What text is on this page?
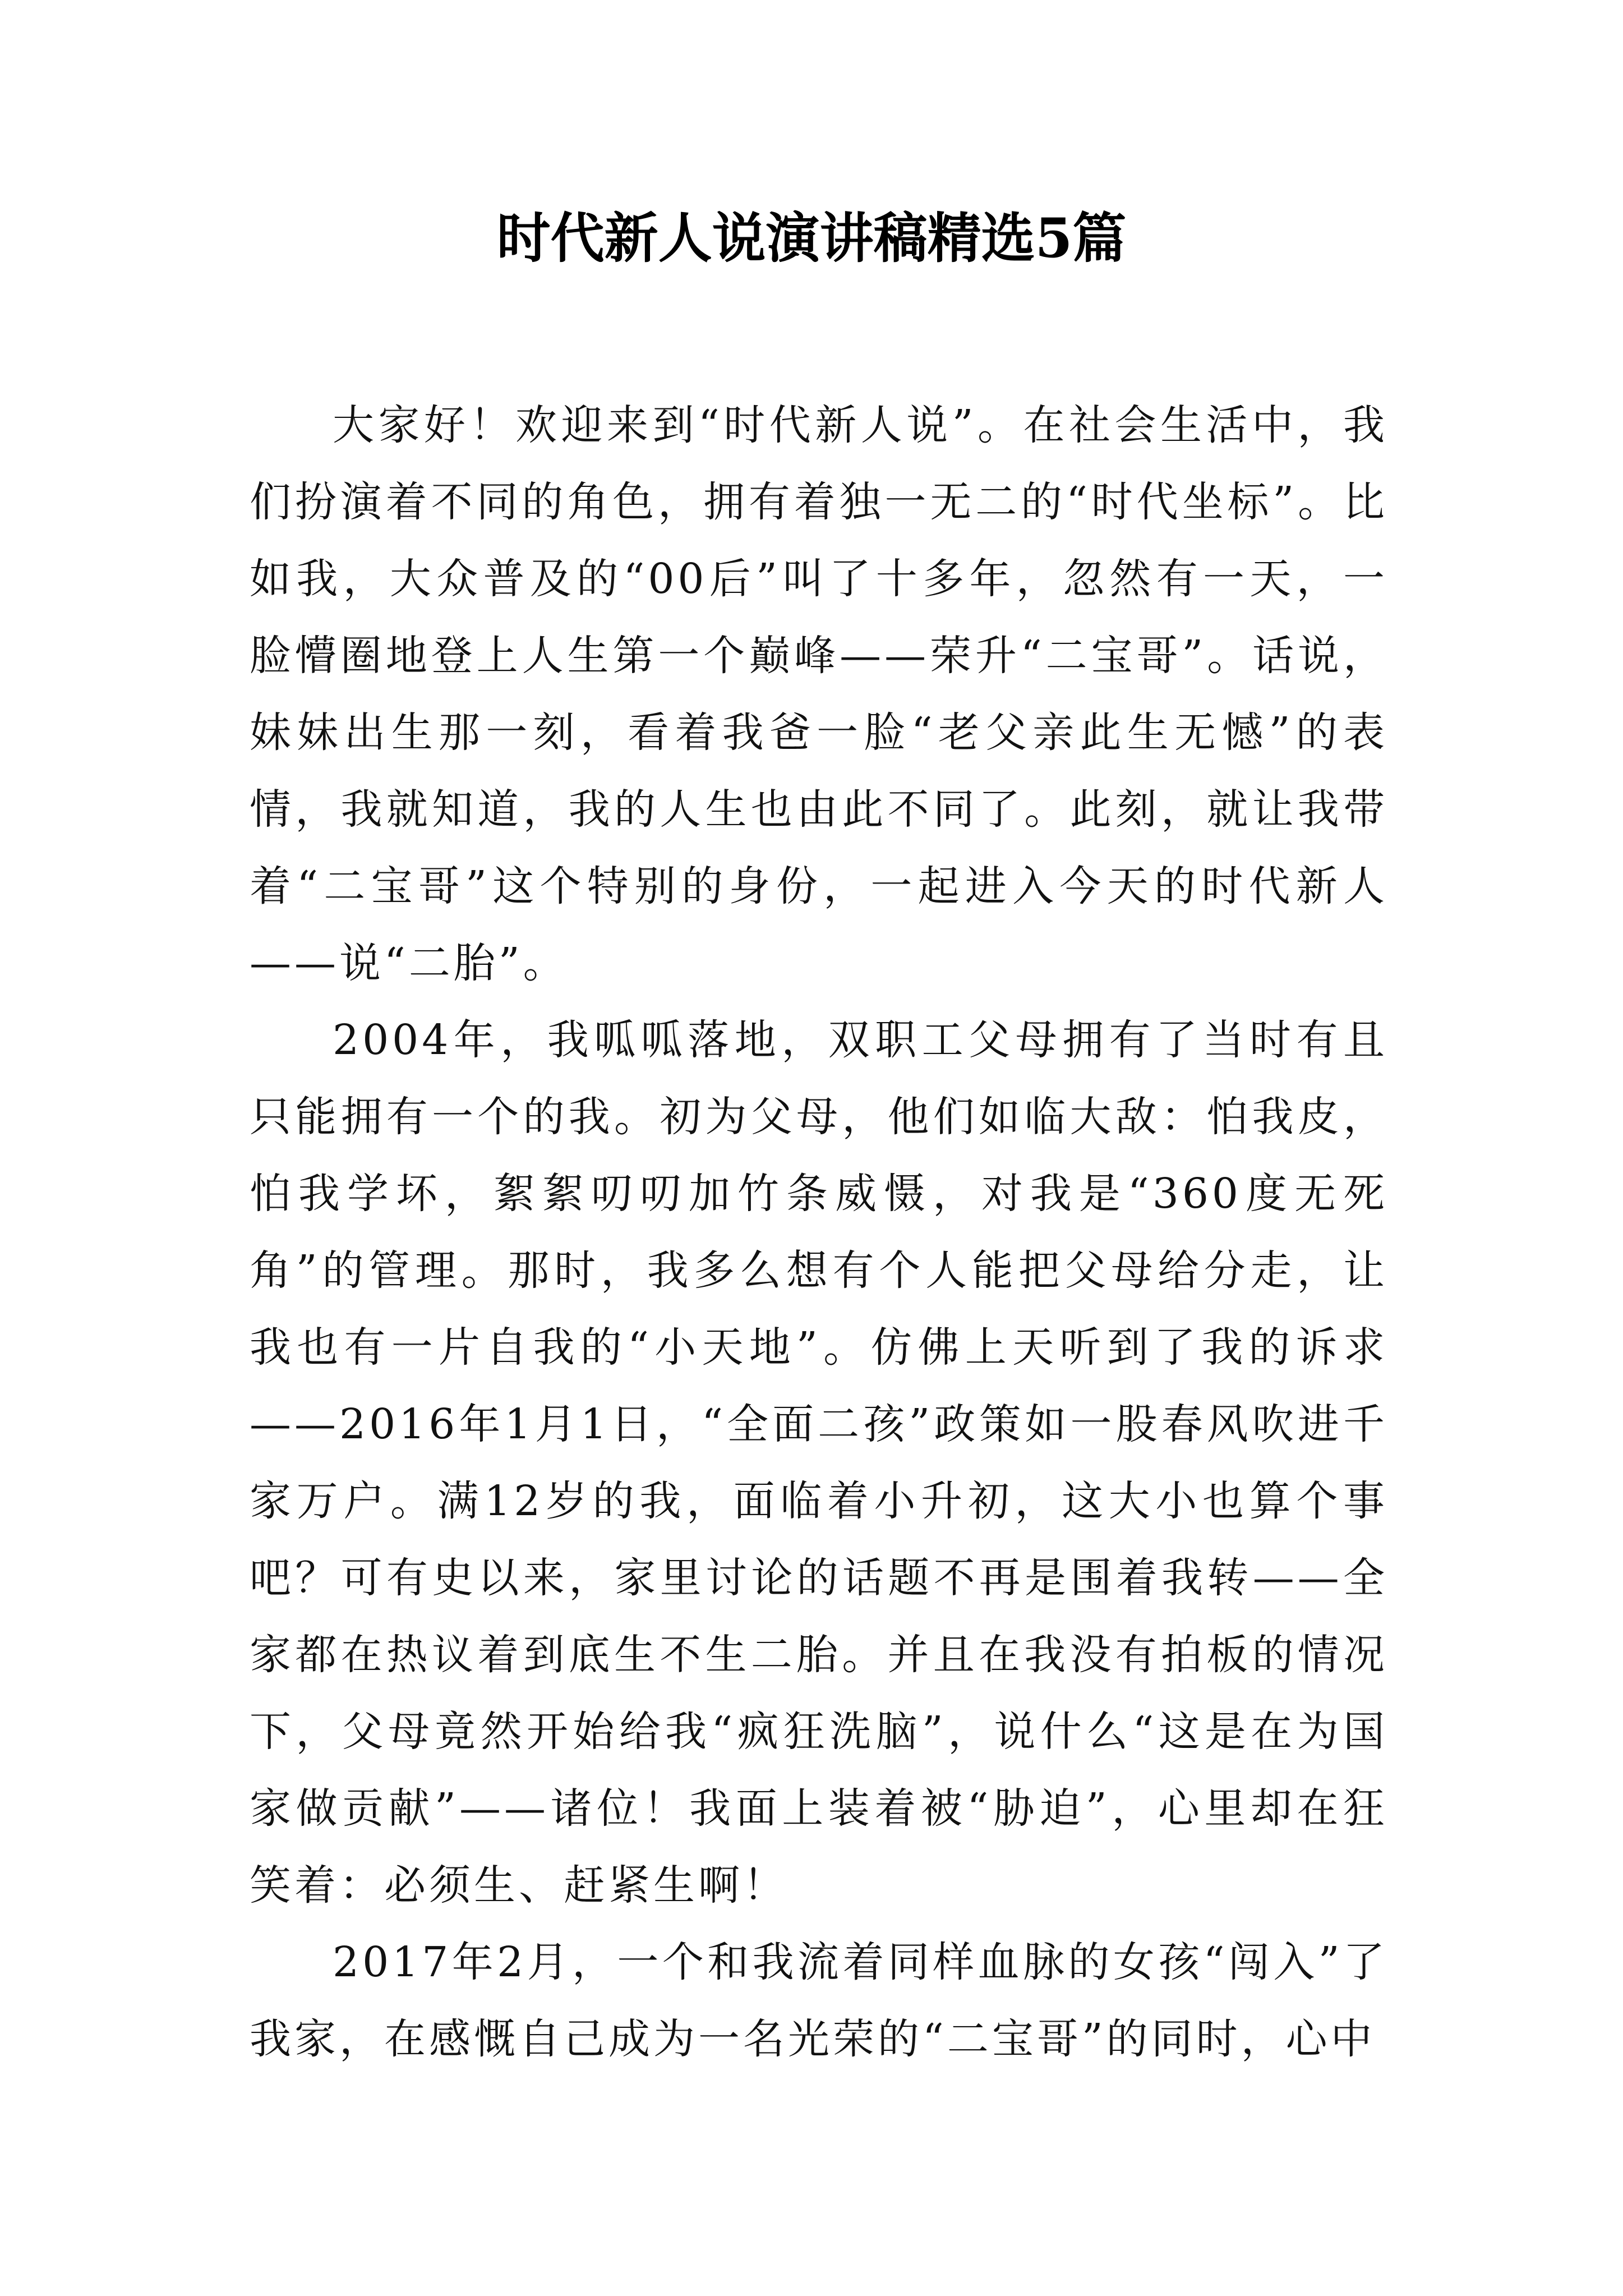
时代新人说演讲稿精选5篇

大家好！欢迎来到“时代新人说”。在社会生活中，我们扮演着不同的角色，拥有着独一无二的“时代坐标”。比如我，大众普及的“00后”叫了十多年，忽然有一天，一脸懵圈地登上人生第一个巅峰——荣升“二宝哥”。话说，妹妹出生那一刻，看着我爸一脸“老父亲此生无憾”的表情，我就知道，我的人生也由此不同了。此刻，就让我带着“二宝哥”这个特别的身份，一起进入今天的时代新人——说“二胎”。

2004年，我呱呱落地，双职工父母拥有了当时有且只能拥有一个的我。初为父母，他们如临大敌：怕我皮，怕我学坏，絮絮叨叨加竹条威慑，对我是“360度无死角”的管理。那时，我多么想有个人能把父母给分走，让我也有一片自我的“小天地”。仿佛上天听到了我的诉求——2016年1月1日，“全面二孩”政策如一股春风吹进千家万户。满12岁的我，面临着小升初，这大小也算个事吧？可有史以来，家里讨论的话题不再是围着我转——全家都在热议着到底生不生二胎。并且在我没有拍板的情况下，父母竟然开始给我“疯狂洗脑”，说什么“这是在为国家做贡献”——诸位！我面上装着被“胁迫”，心里却在狂笑着：必须生、赶紧生啊！

2017年2月，一个和我流着同样血脉的女孩“闯入”了我家，在感慨自己成为一名光荣的“二宝哥”的同时，心中
